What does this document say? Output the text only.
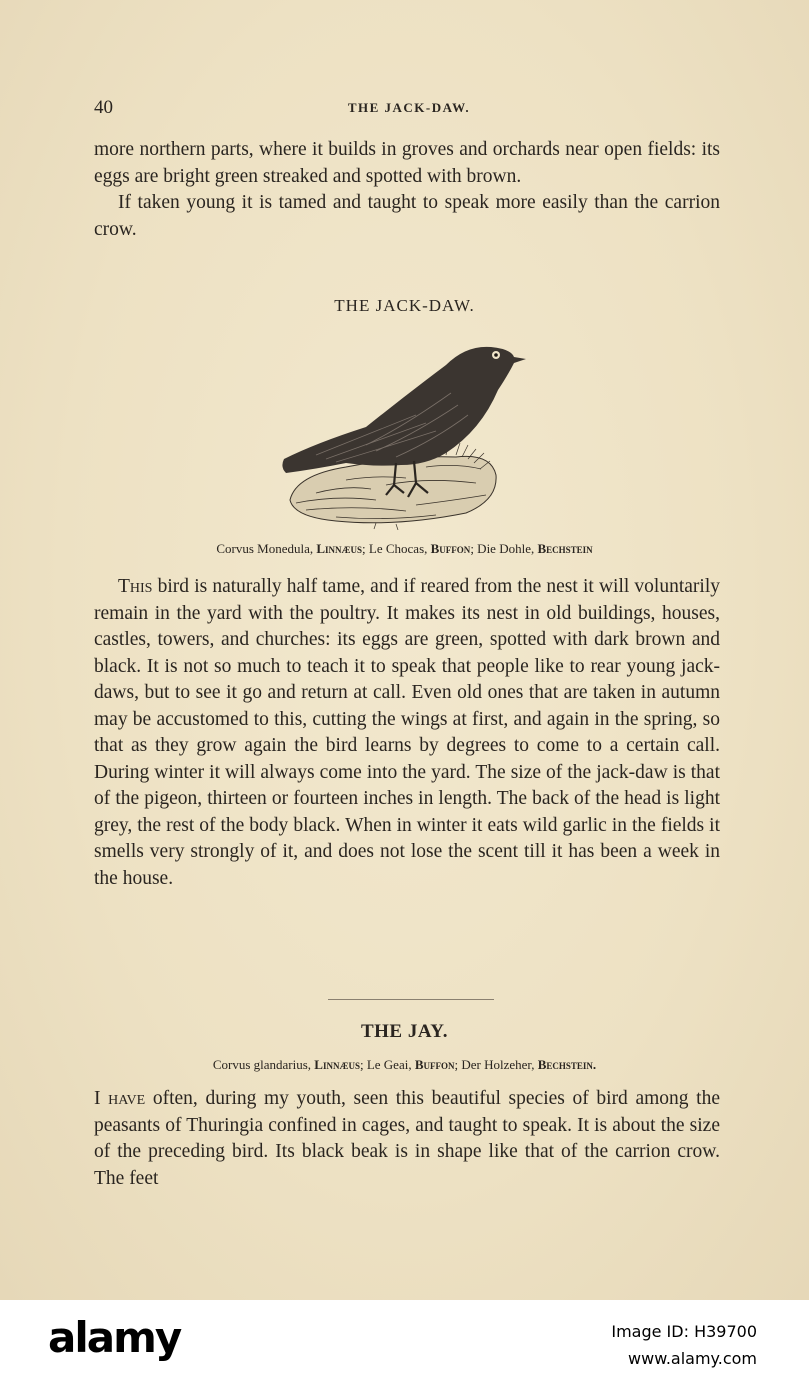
40	THE JACK-DAW.

more northern parts, where it builds in groves and orchards near open fields: its eggs are bright green streaked and spotted with brown.

If taken young it is tamed and taught to speak more easily than the carrion crow.

THE JACK-DAW.
Corvus Monedula, Linnæus; Le Chocas, Buffon; Die Dohle, Bechstein

This bird is naturally half tame, and if reared from the nest it will voluntarily remain in the yard with the poultry. It makes its nest in old buildings, houses, castles, towers, and churches: its eggs are green, spotted with dark brown and black. It is not so much to teach it to speak that people like to rear young jack-daws, but to see it go and return at call. Even old ones that are taken in autumn may be accustomed to this, cutting the wings at first, and again in the spring, so that as they grow again the bird learns by degrees to come to a certain call. During winter it will always come into the yard. The size of the jack-daw is that of the pigeon, thirteen or fourteen inches in length. The back of the head is light grey, the rest of the body black. When in winter it eats wild garlic in the fields it smells very strongly of it, and does not lose the scent till it has been a week in the house.

THE JAY.
Corvus glandarius, Linnæus; Le Geai, Buffon; Der Holzeher, Bechstein.

I have often, during my youth, seen this beautiful species of bird among the peasants of Thuringia confined in cages, and taught to speak. It is about the size of the preceding bird. Its black beak is in shape like that of the carrion crow. The feet

alamy	Image ID: H39700
www.alamy.com
